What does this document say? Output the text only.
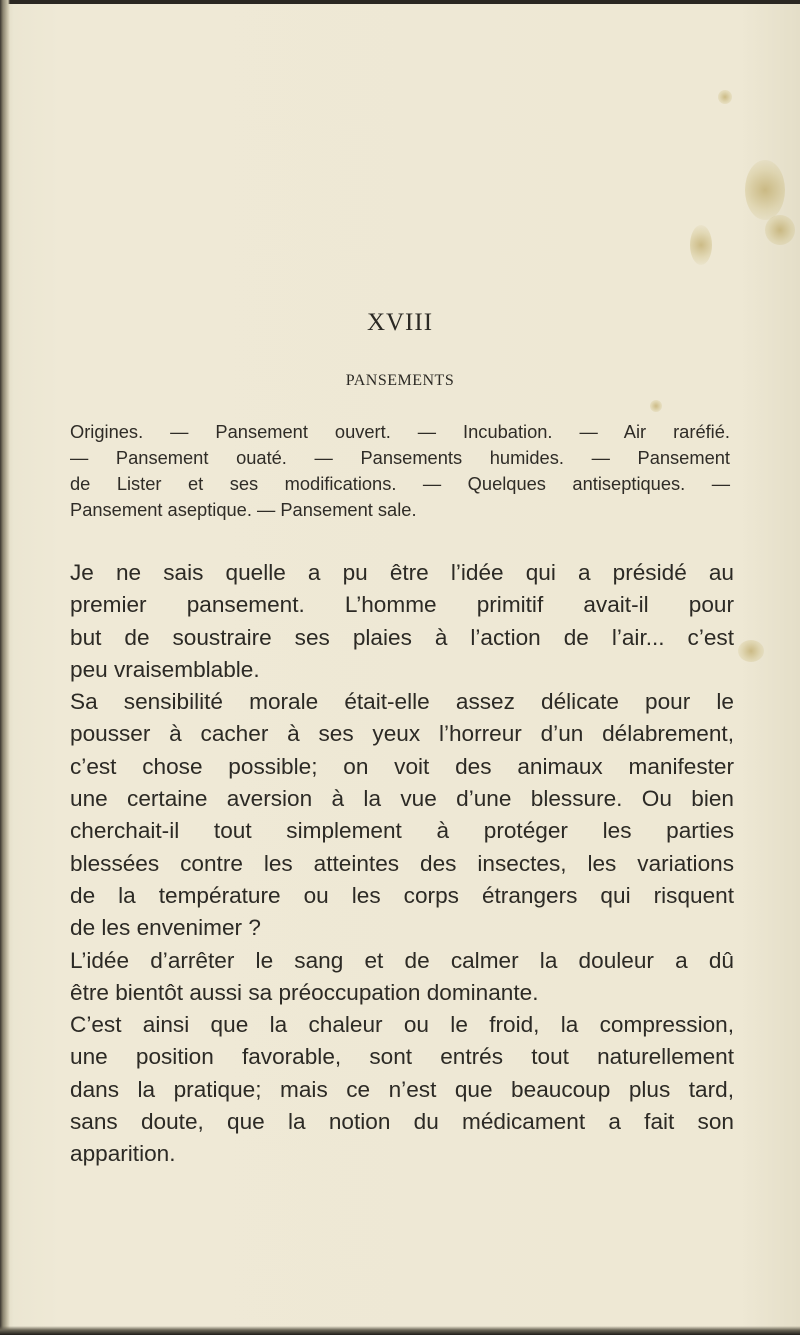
XVIII
PANSEMENTS
Origines. — Pansement ouvert. — Incubation. — Air raréfié.
— Pansement ouaté. — Pansements humides. — Pansement
de Lister et ses modifications. — Quelques antiseptiques. —
Pansement aseptique. — Pansement sale.
Je ne sais quelle a pu être l’idée qui a présidé au
premier pansement. L’homme primitif avait-il pour
but de soustraire ses plaies à l’action de l’air... c’est
peu vraisemblable.
Sa sensibilité morale était-elle assez délicate pour le
pousser à cacher à ses yeux l’horreur d’un délabrement,
c’est chose possible; on voit des animaux manifester
une certaine aversion à la vue d’une blessure. Ou bien
cherchait-il tout simplement à protéger les parties
blessées contre les atteintes des insectes, les variations
de la température ou les corps étrangers qui risquent
de les envenimer ?
L’idée d’arrêter le sang et de calmer la douleur a dû
être bientôt aussi sa préoccupation dominante.
C’est ainsi que la chaleur ou le froid, la compression,
une position favorable, sont entrés tout naturellement
dans la pratique; mais ce n’est que beaucoup plus tard,
sans doute, que la notion du médicament a fait son
apparition.
